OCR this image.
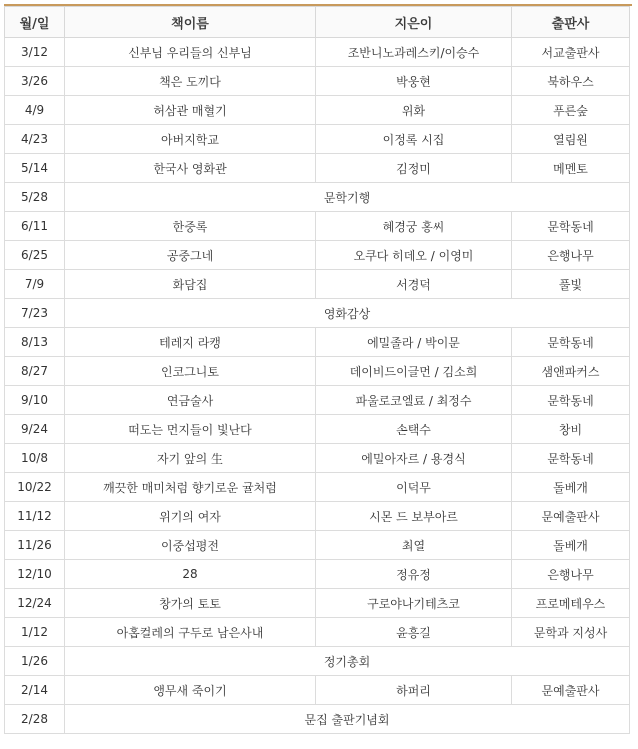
월/일	책이름	지은이	출판사
3/12	신부님 우리들의 신부님	조반니노과레스키/이승수	서교출판사
3/26	책은 도끼다	박웅현	북하우스
4/9	허삼관 매혈기	위화	푸른숲
4/23	아버지학교	이정록 시집	열림원
5/14	한국사 영화관	김정미	메멘토
5/28	문학기행		
6/11	한중록	혜경궁 홍씨	문학동네
6/25	공중그네	오쿠다 히데오 / 이영미	은행나무
7/9	화담집	서경덕	풀빛
7/23	영화감상		
8/13	테레지 라캥	에밀졸라 / 박이문	문학동네
8/27	인코그니토	데이비드이글먼 / 김소희	샘앤파커스
9/10	연금술사	파울로코엘료 / 최정수	문학동네
9/24	떠도는 먼지들이 빛난다	손택수	창비
10/8	자기 앞의 生	에밀아자르 / 용경식	문학동네
10/22	깨끗한 매미처럼 향기로운 귤처럼	이덕무	돌베개
11/12	위기의 여자	시몬 드 보부아르	문예출판사
11/26	이중섭평전	최열	돌베개
12/10	28	정유정	은행나무
12/24	창가의 토토	구로야나기테츠코	프로메테우스
1/12	아홉컬레의 구두로 남은사내	윤흥길	문학과 지성사
1/26	정기총회		
2/14	앵무새 죽이기	하퍼리	문예출판사
2/28	문집 출판기념회		
